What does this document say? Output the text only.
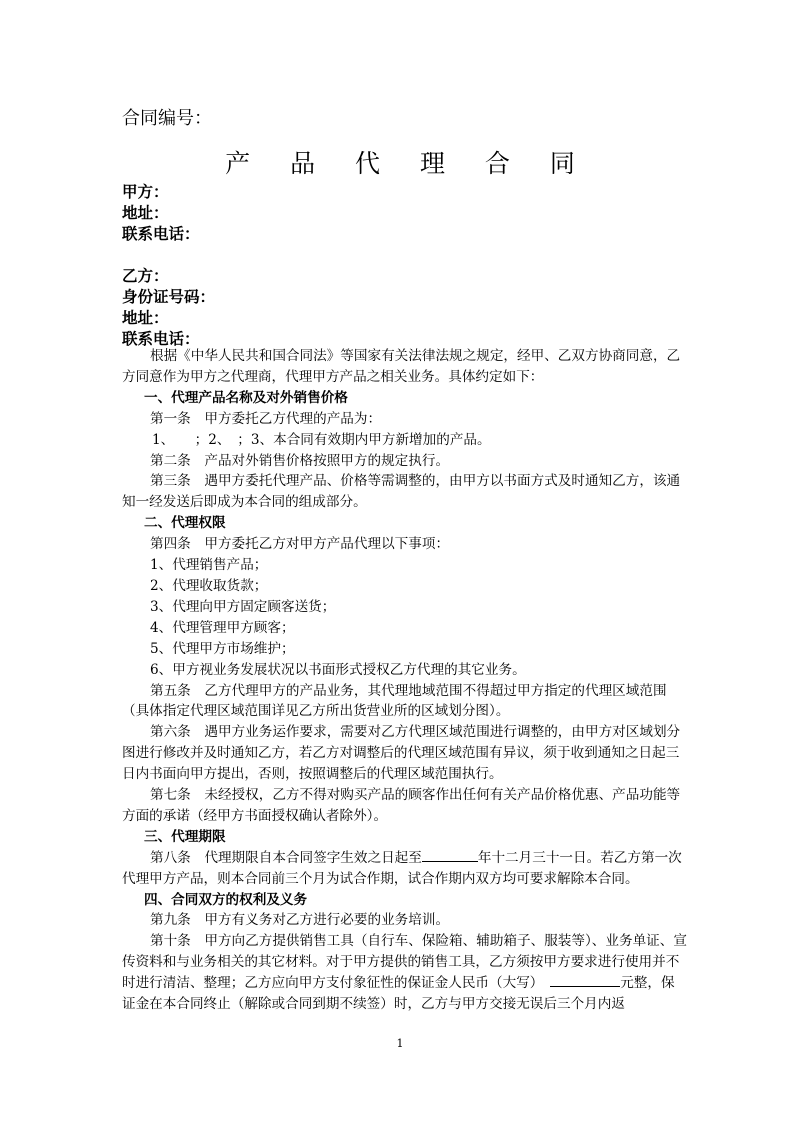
合同编号：
产 品 代 理 合 同
甲方：
地址：
联系电话：
乙方：
身份证号码：
地址：
联系电话：

根据《中华人民共和国合同法》等国家有关法律法规之规定，经甲、乙双方协商同意，乙方同意作为甲方之代理商，代理甲方产品之相关业务。具体约定如下：

一、代理产品名称及对外销售价格

第一条　甲方委托乙方代理的产品为：

1、　　；2、　；3、本合同有效期内甲方新增加的产品。

第二条　产品对外销售价格按照甲方的规定执行。

第三条　遇甲方委托代理产品、价格等需调整的，由甲方以书面方式及时通知乙方，该通知一经发送后即成为本合同的组成部分。

二、代理权限

第四条　甲方委托乙方对甲方产品代理以下事项：

1、代理销售产品；

2、代理收取货款；

3、代理向甲方固定顾客送货；

4、代理管理甲方顾客；

5、代理甲方市场维护；

6、甲方视业务发展状况以书面形式授权乙方代理的其它业务。

第五条　乙方代理甲方的产品业务，其代理地域范围不得超过甲方指定的代理区域范围（具体指定代理区域范围详见乙方所出货营业所的区域划分图）。

第六条　遇甲方业务运作要求，需要对乙方代理区域范围进行调整的，由甲方对区域划分图进行修改并及时通知乙方，若乙方对调整后的代理区域范围有异议，须于收到通知之日起三日内书面向甲方提出，否则，按照调整后的代理区域范围执行。

第七条　未经授权，乙方不得对购买产品的顾客作出任何有关产品价格优惠、产品功能等方面的承诺（经甲方书面授权确认者除外）。

三、代理期限

第八条　代理期限自本合同签字生效之日起至	年十二月三十一日。若乙方第一次代理甲方产品，则本合同前三个月为试合作期，试合作期内双方均可要求解除本合同。

四、合同双方的权利及义务

第九条　甲方有义务对乙方进行必要的业务培训。

第十条　甲方向乙方提供销售工具（自行车、保险箱、辅助箱子、服装等）、业务单证、宣传资料和与业务相关的其它材料。对于甲方提供的销售工具，乙方须按甲方要求进行使用并不时进行清洁、整理；乙方应向甲方支付象征性的保证金人民币（大写）　	元整，保证金在本合同终止（解除或合同到期不续签）时，乙方与甲方交接无误后三个月内返

1
